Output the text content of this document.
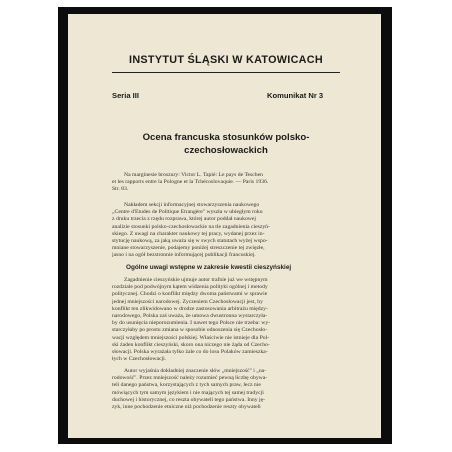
INSTYTUT ŚLĄSKI W KATOWICACH
Seria III	Komunikat Nr 3
Ocena francuska stosunków polsko-
czechosłowackich
Na marginesie broszury: Victor L. Tapié: Le pays de Teschen
et les rapports entre la Pologne et la Tchécoslovaquie. — Paris 1936.
Str. 83.
Nakładem sekcji informacyjnej stowarzyszenia naukowego
„Centre d'Etudes de Politique Etrangère" wyszła w ubiegłym roku
z druku trzecia z rzędu rozprawa, której autor poddał naukowej
analizie stosunki polsko-czechosłowackie na tle zagadnienia cieszyń-
skiego. Z uwagi na charakter naukowy tej pracy, wydanej przez in-
stytucję naukową, za jaką uważa się w swych statutach wyżej wspo-
mniane stowarzyszenie, podajemy poniżej streszczenie tej zwięzłe,
jasno i na ogół bezstronnie informującej publikacji francuskiej.
Ogólne uwagi wstępne w zakresie kwestii cieszyńskiej
Zagadnienie cieszyńskie ujmuje autor trafnie już we wstępnym
rozdziale pod podwójnym kątem widzenia polityki ogólnej i metody
politycznej. Chodzi o konflikt między dwoma państwami w sprawie
jednej mniejszości narodowej. Życzeniem Czechosłowacji jest, by
konflikt ten zlikwidowano w drodze zastosowania arbitrażu między-
narodowego, Polska zaś uważa, że umowa dwustronna wystarczyła-
by do usunięcia nieporozumienia. I nawet tego Polsce nie trzeba: wy-
starczyłaby po prostu zmiana w sposobie odnoszenia się Czechosło-
wacji względem mniejszości polskiej. Właściwie nie istnieje dla Pol-
ski żaden konflikt cieszyński, skoro ona niczego nie żąda od Czecho-
słowacji. Polska wyrażała tylko żale co do losu Polaków zamieszka-
łych w Czechosłowacji.
Autor wyjaśnia dokładniej znaczenie słów „mniejszość" i „na-
rodowość". Przez mniejszość należy rozumieć pewną liczbę obywa-
teli danego państwa, korzystających z tych samych praw, lecz nie
mówiących tym samym językiem i nie mających tej samej tradycji
duchowej i historycznej, co reszta obywateli tego państwa. Inny ję-
zyk, inne pochodzenie etniczne niż pochodzenie reszty obywateli
